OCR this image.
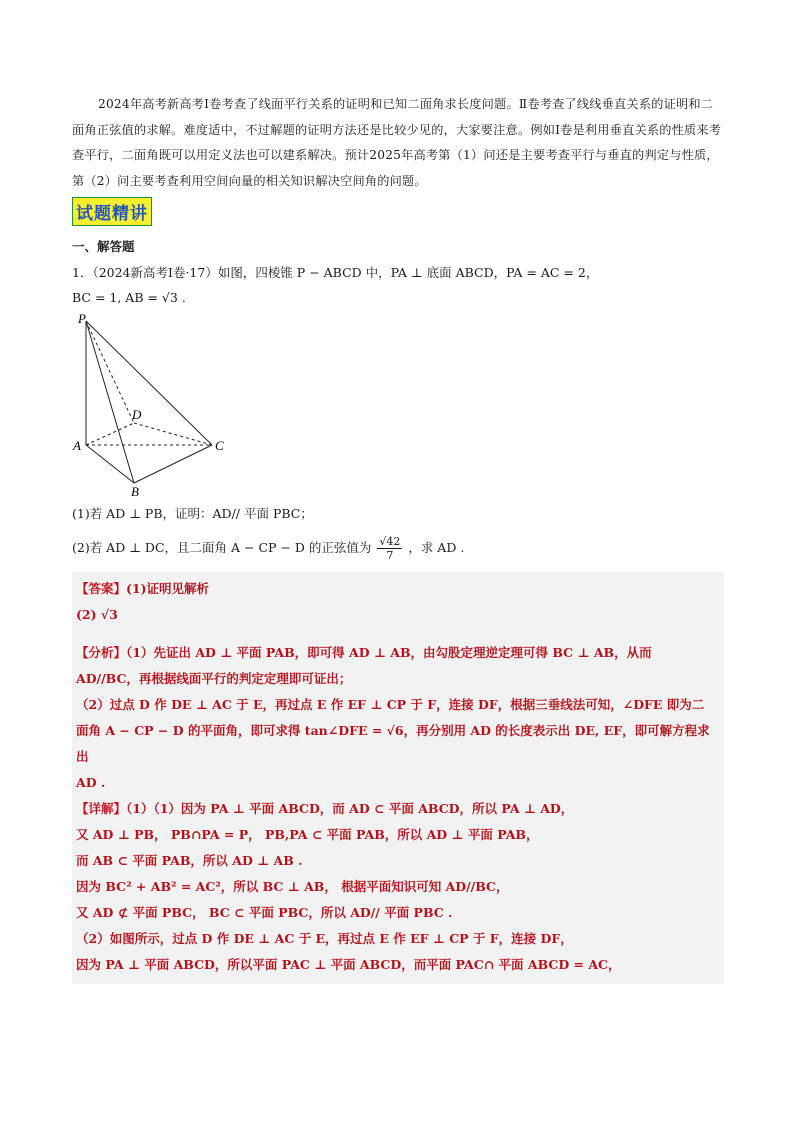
2024年高考新高考Ⅰ卷考查了线面平行关系的证明和已知二面角求长度问题。Ⅱ卷考查了线线垂直关系的证明和二面角正弦值的求解。难度适中，不过解题的证明方法还是比较少见的，大家要注意。例如Ⅰ卷是利用垂直关系的性质来考查平行，二面角既可以用定义法也可以建系解决。预计2025年高考第（1）问还是主要考查平行与垂直的判定与性质，第（2）问主要考查利用空间向量的相关知识解决空间角的问题。

试题精讲
一、解答题
1．（2024新高考Ⅰ卷·17）如图，四棱锥 P − ABCD 中，PA ⊥ 底面 ABCD，PA = AC = 2，
BC = 1, AB = √3 .
P
D
A	C
B
(1)若 AD ⊥ PB，证明：AD// 平面 PBC；
(2)若 AD ⊥ DC，且二面角 A − CP − D 的正弦值为 $\frac{√42}{7}$ ，求 AD .
【答案】(1)证明见解析
(2) √3
【分析】（1）先证出 AD ⊥ 平面 PAB，即可得 AD ⊥ AB，由勾股定理逆定理可得 BC ⊥ AB，从而
AD//BC，再根据线面平行的判定定理即可证出；
（2）过点 D 作 DE ⊥ AC 于 E，再过点 E 作 EF ⊥ CP 于 F，连接 DF，根据三垂线法可知，∠DFE 即为二
面角 A − CP − D 的平面角，即可求得 tan∠DFE = √6，再分别用 AD 的长度表示出 DE, EF，即可解方程求出
AD .
【详解】（1）（1）因为 PA ⊥ 平面 ABCD，而 AD ⊂ 平面 ABCD，所以 PA ⊥ AD，
又 AD ⊥ PB， PB∩PA = P， PB,PA ⊂ 平面 PAB，所以 AD ⊥ 平面 PAB，
而 AB ⊂ 平面 PAB，所以 AD ⊥ AB .
因为 BC² + AB² = AC²，所以 BC ⊥ AB， 根据平面知识可知 AD//BC，
又 AD ⊄ 平面 PBC， BC ⊂ 平面 PBC，所以 AD// 平面 PBC .
（2）如图所示，过点 D 作 DE ⊥ AC 于 E，再过点 E 作 EF ⊥ CP 于 F，连接 DF，
因为 PA ⊥ 平面 ABCD，所以平面 PAC ⊥ 平面 ABCD，而平面 PAC∩ 平面 ABCD = AC，
